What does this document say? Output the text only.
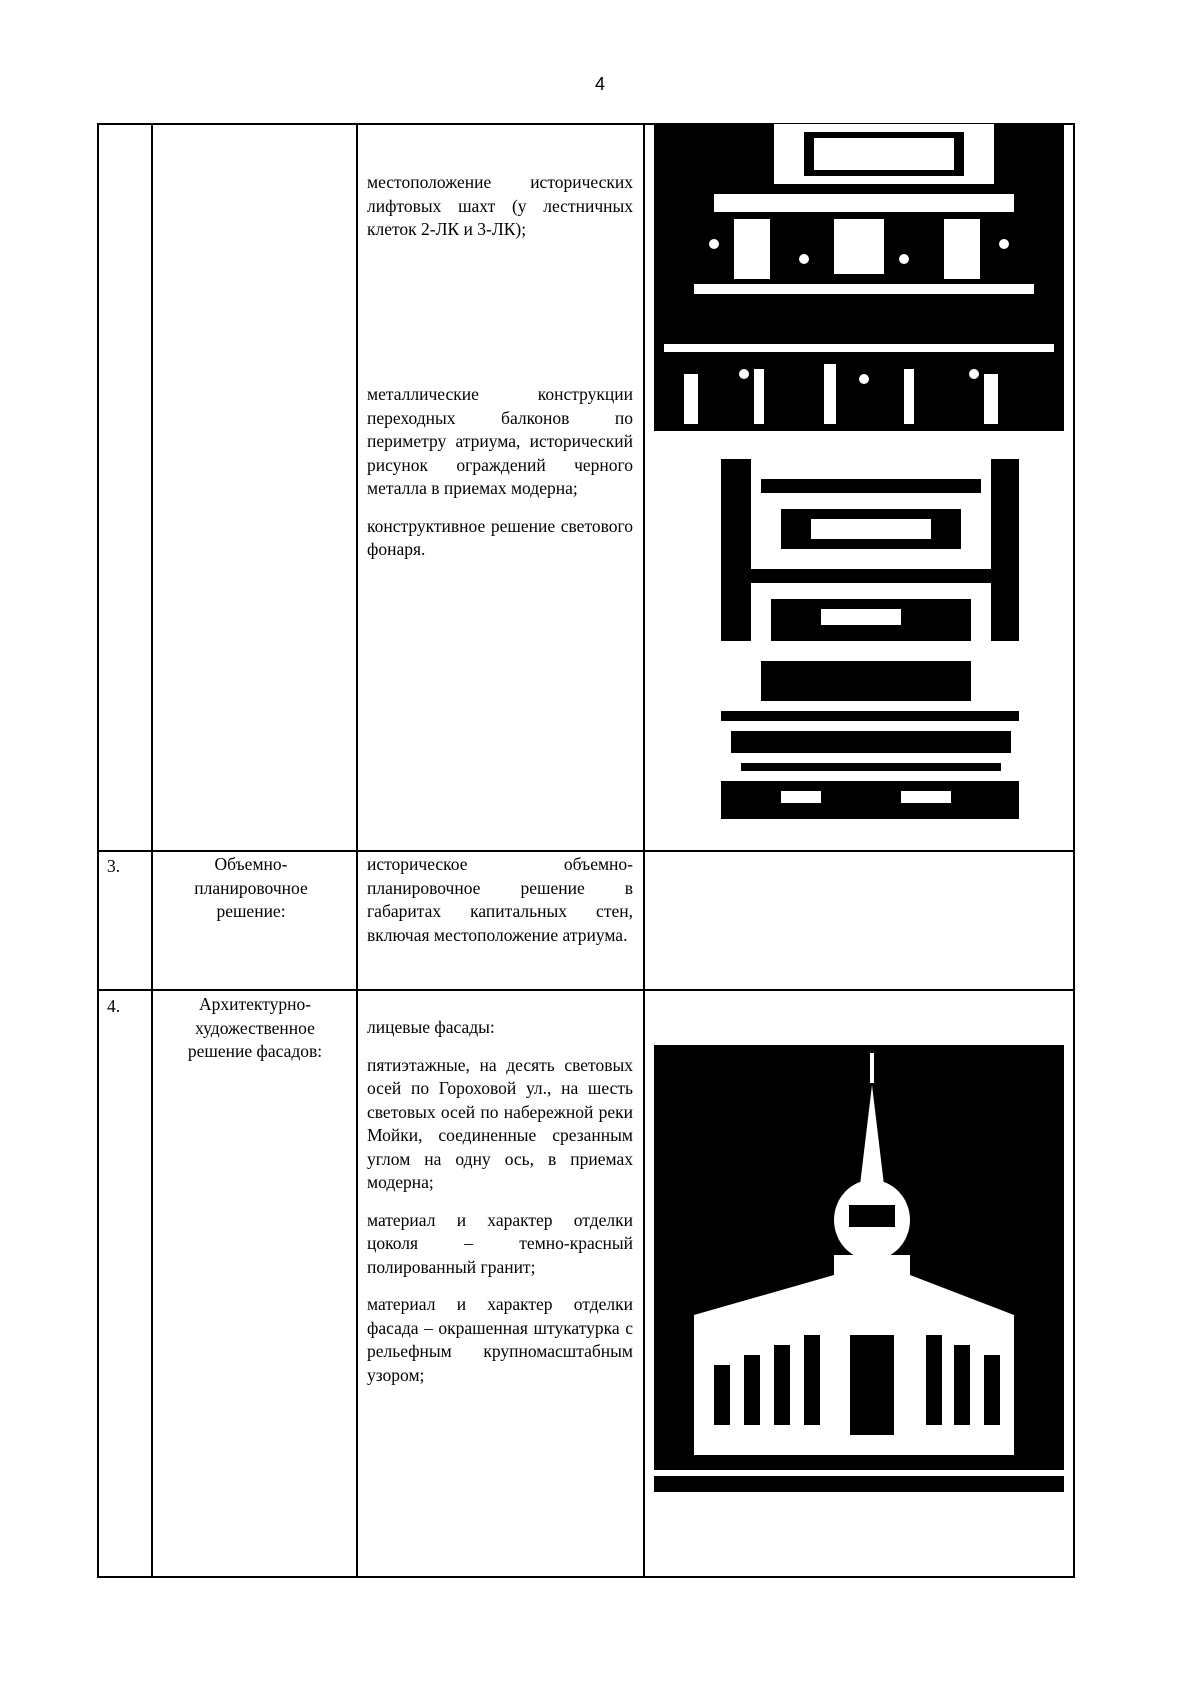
4

местоположение исторических лифтовых шахт (у лестничных клеток 2-ЛК и 3-ЛК);

металлические конструкции переходных балконов по периметру атриума, исторический рисунок ограждений черного металла в приемах модерна;

конструктивное решение светового фонаря.

3.	Объемно-планировочное решение:
историческое объемно-планировочное решение в габаритах капитальных стен, включая местоположение атриума.
4.	Архитектурно-художественное решение фасадов:

лицевые фасады:

пятиэтажные, на десять световых осей по Гороховой ул., на шесть световых осей по набережной реки Мойки, соединенные срезанным углом на одну ось, в приемах модерна;

материал и характер отделки цоколя – темно-красный полированный гранит;

материал и характер отделки фасада – окрашенная штукатурка с рельефным крупномасштабным узором;
